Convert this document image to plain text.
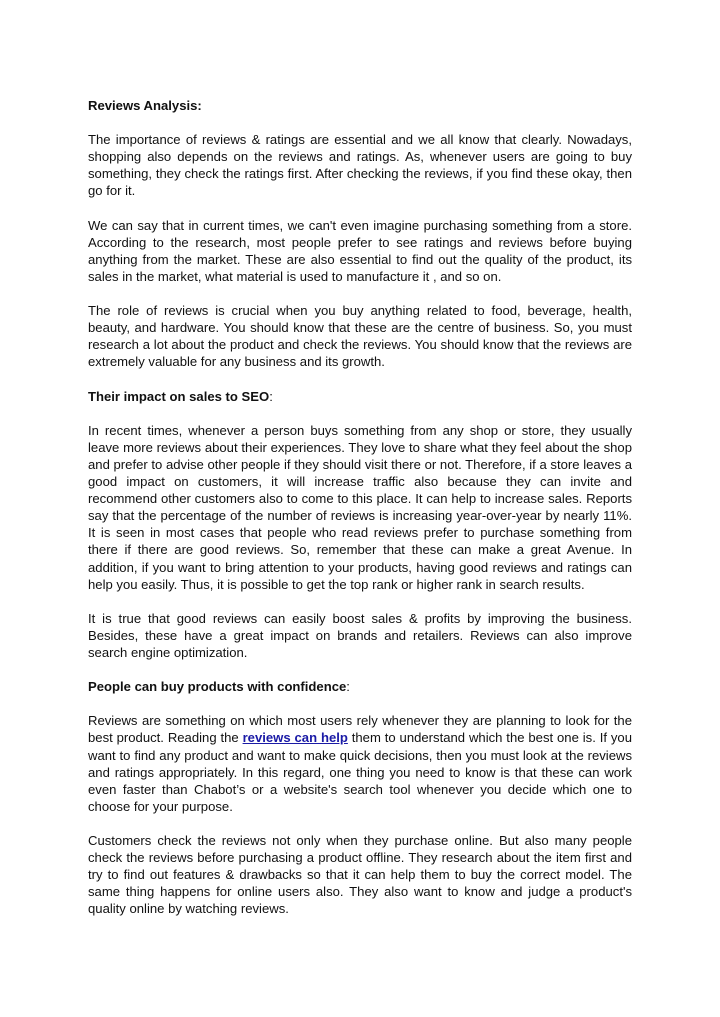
Reviews Analysis:

The importance of reviews & ratings are essential and we all know that clearly. Nowadays, shopping also depends on the reviews and ratings. As, whenever users are going to buy something, they check the ratings first. After checking the reviews, if you find these okay, then go for it.

We can say that in current times, we can't even imagine purchasing something from a store. According to the research, most people prefer to see ratings and reviews before buying anything from the market. These are also essential to find out the quality of the product, its sales in the market, what material is used to manufacture it , and so on.

The role of reviews is crucial when you buy anything related to food, beverage, health, beauty, and hardware. You should know that these are the centre of business. So, you must research a lot about the product and check the reviews. You should know that the reviews are extremely valuable for any business and its growth.

Their impact on sales to SEO:

In recent times, whenever a person buys something from any shop or store, they usually leave more reviews about their experiences. They love to share what they feel about the shop and prefer to advise other people if they should visit there or not. Therefore, if a store leaves a good impact on customers, it will increase traffic also because they can invite and recommend other customers also to come to this place. It can help to increase sales. Reports say that the percentage of the number of reviews is increasing year-over-year by nearly 11%. It is seen in most cases that people who read reviews prefer to purchase something from there if there are good reviews. So, remember that these can make a great Avenue. In addition, if you want to bring attention to your products, having good reviews and ratings can help you easily. Thus, it is possible to get the top rank or higher rank in search results.

It is true that good reviews can easily boost sales & profits by improving the business. Besides, these have a great impact on brands and retailers. Reviews can also improve search engine optimization.

People can buy products with confidence:

Reviews are something on which most users rely whenever they are planning to look for the best product. Reading the reviews can help them to understand which the best one is. If you want to find any product and want to make quick decisions, then you must look at the reviews and ratings appropriately. In this regard, one thing you need to know is that these can work even faster than Chabot’s or a website's search tool whenever you decide which one to choose for your purpose.

Customers check the reviews not only when they purchase online. But also many people check the reviews before purchasing a product offline. They research about the item first and try to find out features & drawbacks so that it can help them to buy the correct model. The same thing happens for online users also. They also want to know and judge a product's quality online by watching reviews.
